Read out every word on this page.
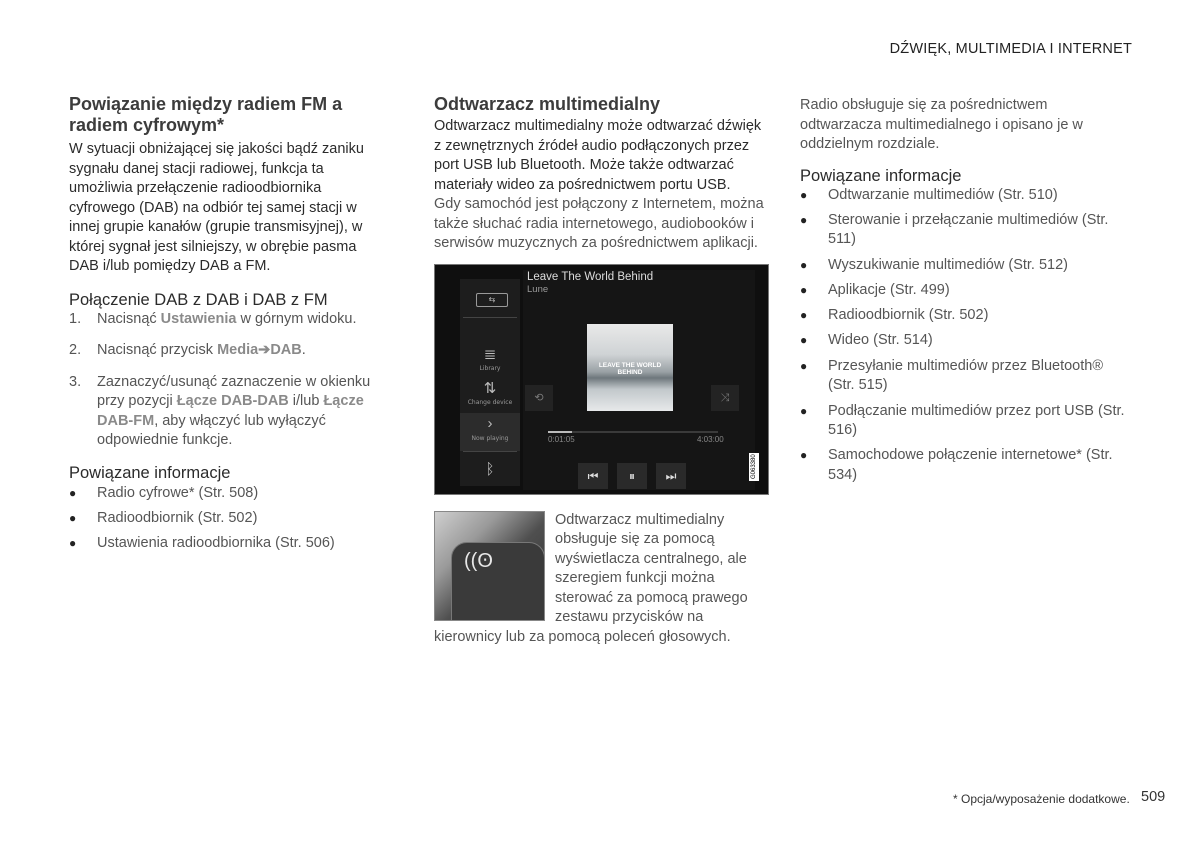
DŹWIĘK, MULTIMEDIA I INTERNET
Powiązanie między radiem FM a radiem cyfrowym*

W sytuacji obniżającej się jakości bądź zaniku sygnału danej stacji radiowej, funkcja ta umożliwia przełączenie radioodbiornika cyfrowego (DAB) na odbiór tej samej stacji w innej grupie kanałów (grupie transmisyjnej), w której sygnał jest silniejszy, w obrębie pasma DAB i/lub pomiędzy DAB a FM.

Połączenie DAB z DAB i DAB z FM
1.	Nacisnąć Ustawienia w górnym widoku.
2.	Nacisnąć przycisk Media➔DAB.
3.	Zaznaczyć/usunąć zaznaczenie w okienku przy pozycji Łącze DAB-DAB i/lub Łącze DAB-FM, aby włączyć lub wyłączyć odpowiednie funkcje.
Powiązane informacje
●	Radio cyfrowe* (Str. 508)
●	Radioodbiornik (Str. 502)
●	Ustawienia radioodbiornika (Str. 506)
Odtwarzacz multimedialny

Odtwarzacz multimedialny może odtwarzać dźwięk z zewnętrznych źródeł audio podłączonych przez port USB lub Bluetooth. Może także odtwarzać materiały wideo za pośrednictwem portu USB.

Gdy samochód jest połączony z Internetem, można także słuchać radia internetowego, audiobooków i serwisów muzycznych za pośrednictwem aplikacji.

⇆
≣
Library
⇅
Change device
›
Now playing
ᛒ
Leave The World Behind
Lune
⟲
LEAVE THE WORLD BEHIND
⤨
0:01:05	4:03:00
⏮	⏸	⏭	G063380
((ʘ

Odtwarzacz multimedialny obsługuje się za pomocą wyświetlacza centralnego, ale szeregiem funkcji można sterować za pomocą prawego zestawu przycisków na kierownicy lub za pomocą poleceń głosowych.

Radio obsługuje się za pośrednictwem odtwarzacza multimedialnego i opisano je w oddzielnym rozdziale.

Powiązane informacje
●	Odtwarzanie multimediów (Str. 510)
●	Sterowanie i przełączanie multimediów (Str. 511)
●	Wyszukiwanie multimediów (Str. 512)
●	Aplikacje (Str. 499)
●	Radioodbiornik (Str. 502)
●	Wideo (Str. 514)
●	Przesyłanie multimediów przez Bluetooth® (Str. 515)
●	Podłączanie multimediów przez port USB (Str. 516)
●	Samochodowe połączenie internetowe* (Str. 534)
* Opcja/wyposażenie dodatkowe. 509
